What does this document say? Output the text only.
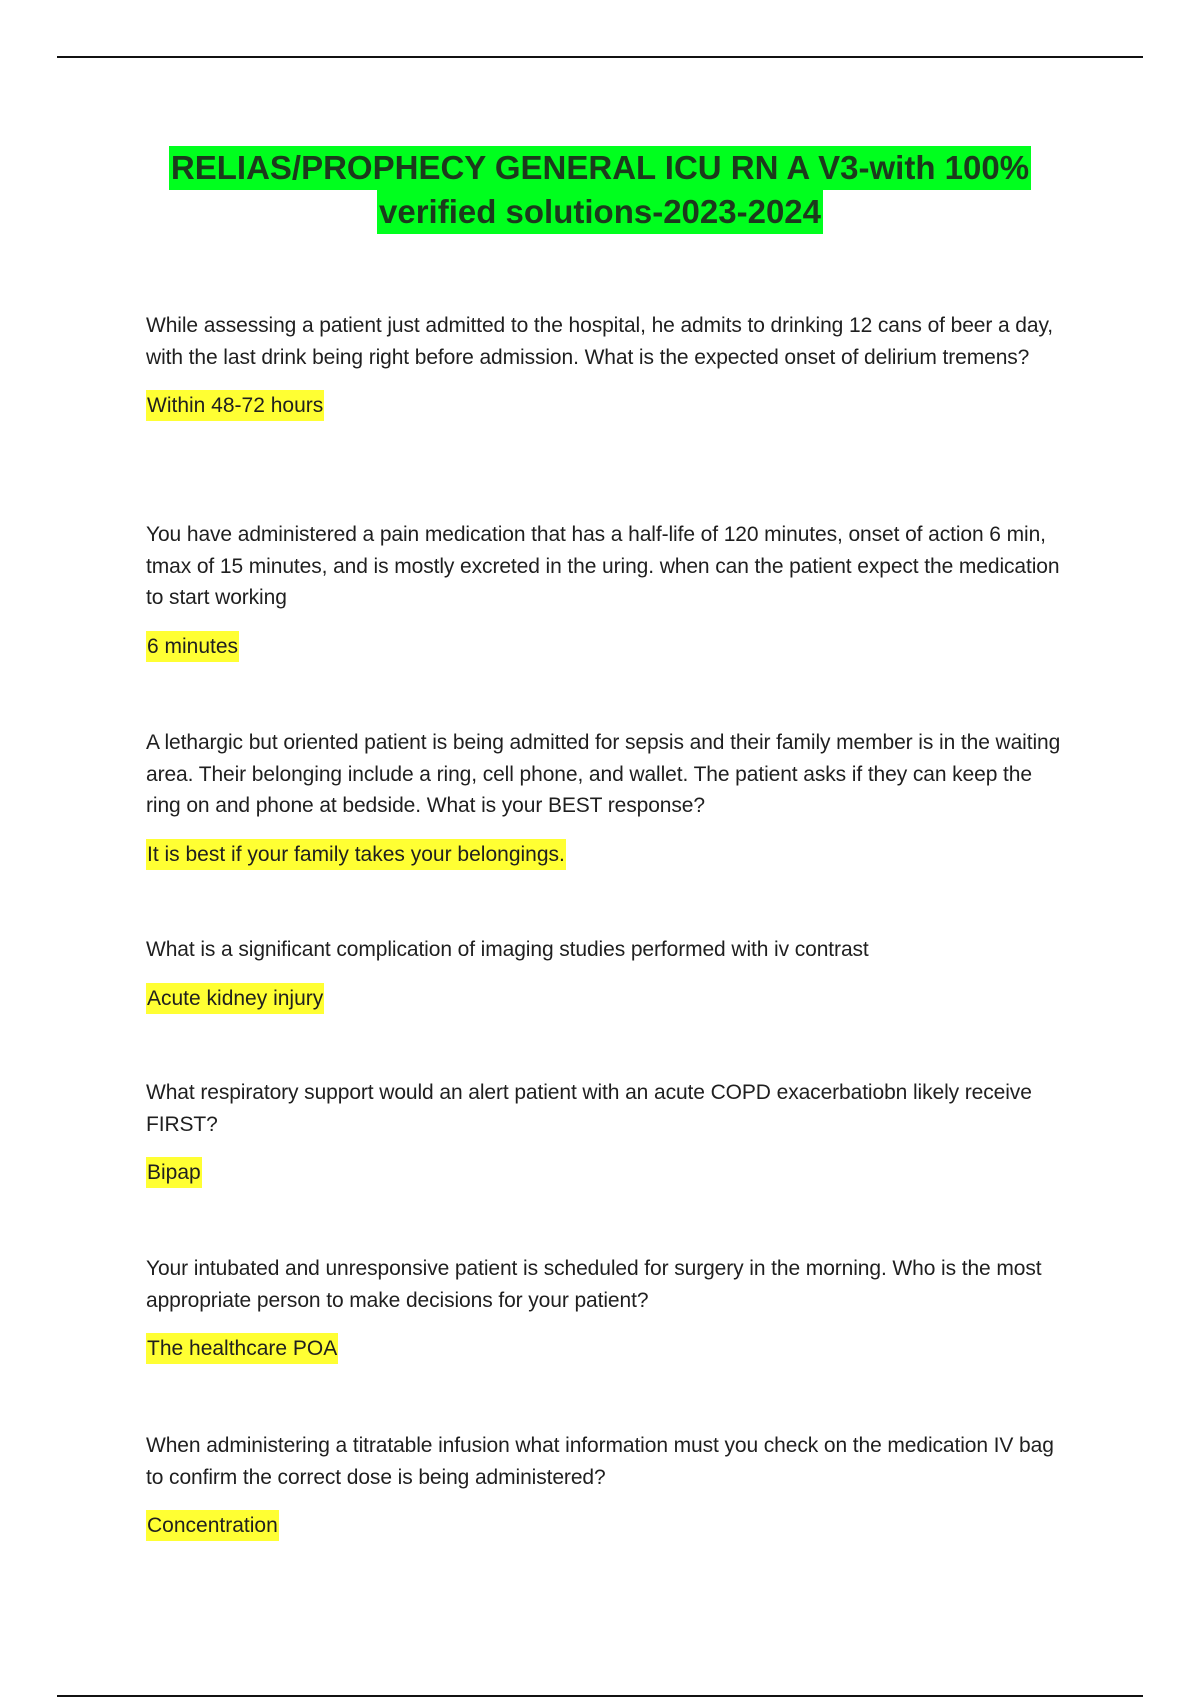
RELIAS/PROPHECY GENERAL ICU RN A V3-with 100%
verified solutions-2023-2024

While assessing a patient just admitted to the hospital, he admits to drinking 12 cans of beer a day, with the last drink being right before admission. What is the expected onset of delirium tremens?

Within 48-72 hours

You have administered a pain medication that has a half-life of 120 minutes, onset of action 6 min, tmax of 15 minutes, and is mostly excreted in the uring. when can the patient expect the medication to start working

6 minutes

A lethargic but oriented patient is being admitted for sepsis and their family member is in the waiting area. Their belonging include a ring, cell phone, and wallet. The patient asks if they can keep the ring on and phone at bedside. What is your BEST response?

It is best if your family takes your belongings.

What is a significant complication of imaging studies performed with iv contrast

Acute kidney injury

What respiratory support would an alert patient with an acute COPD exacerbatiobn likely receive FIRST?

Bipap

Your intubated and unresponsive patient is scheduled for surgery in the morning. Who is the most appropriate person to make decisions for your patient?

The healthcare POA

When administering a titratable infusion what information must you check on the medication IV bag to confirm the correct dose is being administered?

Concentration
